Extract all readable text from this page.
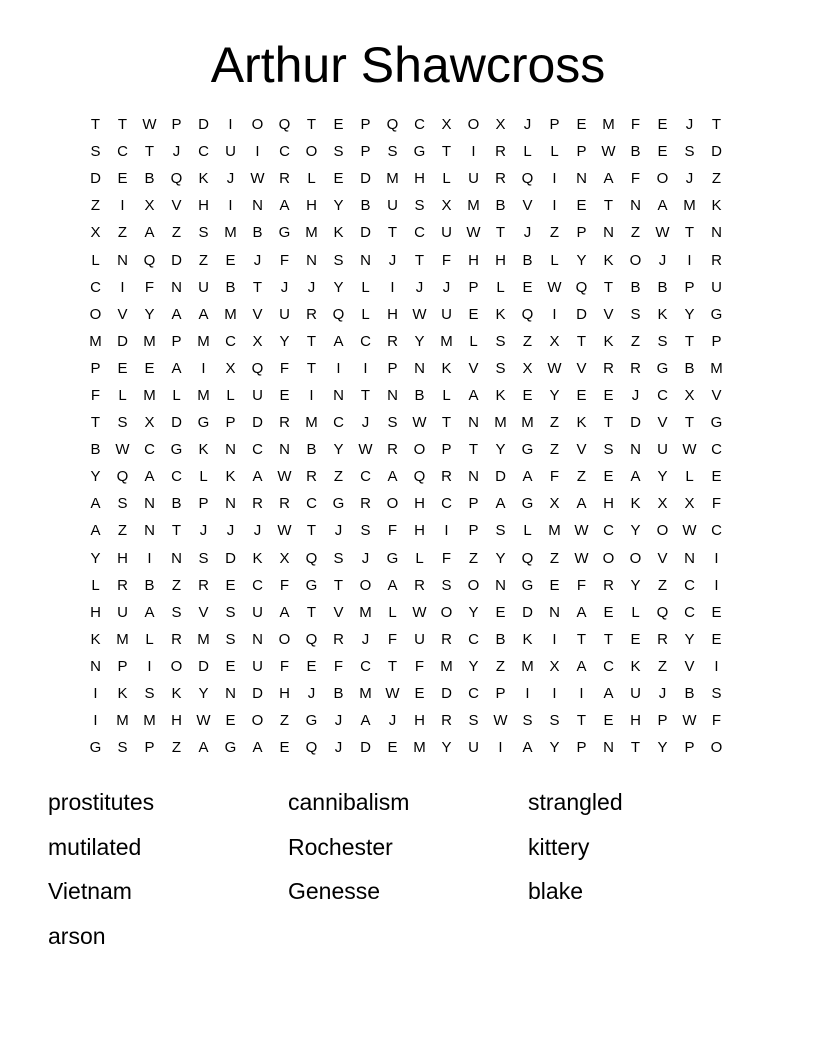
Arthur Shawcross
T	T	W P	D	I	O	Q	T	E	P	Q	C	X	O	X	J	P	E	M	F	E	J	T
S	C	T	J	C	U	I	C	O	S	P	S	G	T	I	R	L	L	P W B	E	S	D
D	E	B	Q	K	J	W R	L	E	D	M	H	L	U	R	Q	I	N	A	F	O	J	Z
Z	I	X	V	H	I	N	A	H	Y	B	U	S	X	M	B	V	I	E	T	N	A	M	K
X	Z	A	Z	S	M	B	G M	K	D	T	C	U W	T	J	Z	P	N	Z	W	T	N
L	N	Q	D	Z	E	J	F	N	S	N	J	T	F	H	H	B	L	Y	K	O	J	I	R
C	I	F	N	U	B	T	J	J	Y	L	I	J	J	P	L	E W Q	T	B	B	P	U
O	V	Y	A	A	M	V	U	R	Q	L	H W U	E	K	Q	I	D	V	S	K	Y	G
M	D	M	P	M	C	X	Y	T	A	C	R	Y	M	L	S	Z	X	T	K	Z	S	T	P
P	E	E	A	I	X	Q	F	T	I	I	P	N	K	V	S	X W V	R	R	G	B	M
F	L	M	L	M	L	U	E	I	N	T	N	B	L	A	K	E	Y	E	E	J	C	X	V
T	S	X	D	G	P	D	R	M	C	J	S W	T	N	M M	Z	K	T	D	V	T	G
B W C	G	K	N	C	N	B	Y W R	O	P	T	Y	G	Z	V	S	N	U W C
Y	Q	A	C	L	K	A W R	Z	C	A	Q	R	N	D	A	F	Z	E	A	Y	L	E
A	S	N	B	P	N	R	R	C	G	R	O	H	C	P	A	G	X	A	H	K	X	X	F
A	Z	N	T	J	J	J	W	T	J	S	F	H	I	P	S	L	M W C	Y	O W C
Y	H	I	N	S	D	K	X	Q	S	J	G	L	F	Z	Y	Q	Z	W O	O	V	N	I
L	R	B	Z	R	E	C	F	G	T	O	A	R	S	O	N	G	E	F	R	Y	Z	C	I
H	U	A	S	V	S	U	A	T	V	M	L	W O	Y	E	D	N	A	E	L	Q	C	E
K	M	L	R	M	S	N	O	Q	R	J	F	U	R	C	B	K	I	T	T	E	R	Y	E
N	P	I	O	D	E	U	F	E	F	C	T	F	M	Y	Z	M	X	A	C	K	Z	V	I
I	K	S	K	Y	N	D	H	J	B	M W E	D	C	P	I	I	I	A	U	J	B	S
I	M M	H W E	O	Z	G	J	A	J	H	R	S W S	S	T	E	H	P W	F
G	S	P	Z	A	G	A	E	Q	J	D	E	M	Y	U	I	A	Y	P	N	T	Y	P	O
prostitutes	cannibalism	strangled
mutilated	Rochester	kittery
Vietnam	Genesse	blake
arson
